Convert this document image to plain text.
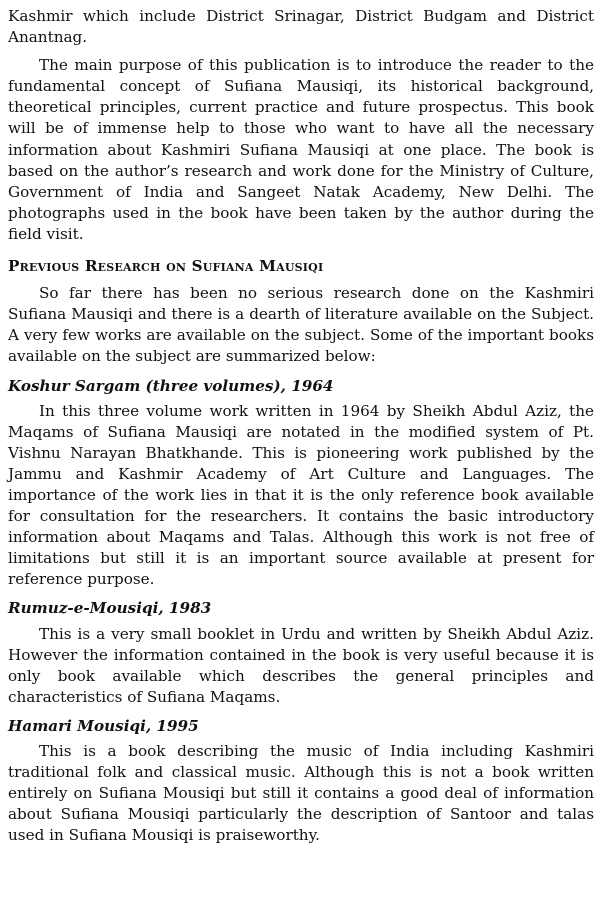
Kashmir which include District Srinagar, District Budgam and District Anantnag.

The main purpose of this publication is to introduce the reader to the fundamental concept of Sufiana Mausiqi, its historical background, theoretical principles, current practice and future prospectus. This book will be of immense help to those who want to have all the necessary information about Kashmiri Sufiana Mausiqi at one place. The book is based on the author’s research and work done for the Ministry of Culture, Government of India and Sangeet Natak Academy, New Delhi. The photographs used in the book have been taken by the author during the field visit.

Previous Research on Sufiana Mausiqi

So far there has been no serious research done on the Kashmiri Sufiana Mausiqi and there is a dearth of literature available on the Subject. A very few works are available on the subject. Some of the important books available on the subject are summarized below:

Koshur Sargam (three volumes), 1964

In this three volume work written in 1964 by Sheikh Abdul Aziz, the Maqams of Sufiana Mausiqi are notated in the modified system of Pt. Vishnu Narayan Bhatkhande. This is pioneering work published by the Jammu and Kashmir Academy of Art Culture and Languages. The importance of the work lies in that it is the only reference book available for consultation for the researchers. It contains the basic introductory information about Maqams and Talas. Although this work is not free of limitations but still it is an important source available at present for reference purpose.

Rumuz-e-Mousiqi, 1983

This is a very small booklet in Urdu and written by Sheikh Abdul Aziz. However the information contained in the book is very useful because it is only book available which describes the general principles and characteristics of Sufiana Maqams.

Hamari Mousiqi, 1995

This is a book describing the music of India including Kashmiri traditional folk and classical music. Although this is not a book written entirely on Sufiana Mousiqi but still it contains a good deal of information about Sufiana Mousiqi particularly the description of Santoor and talas used in Sufiana Mousiqi is praiseworthy.
